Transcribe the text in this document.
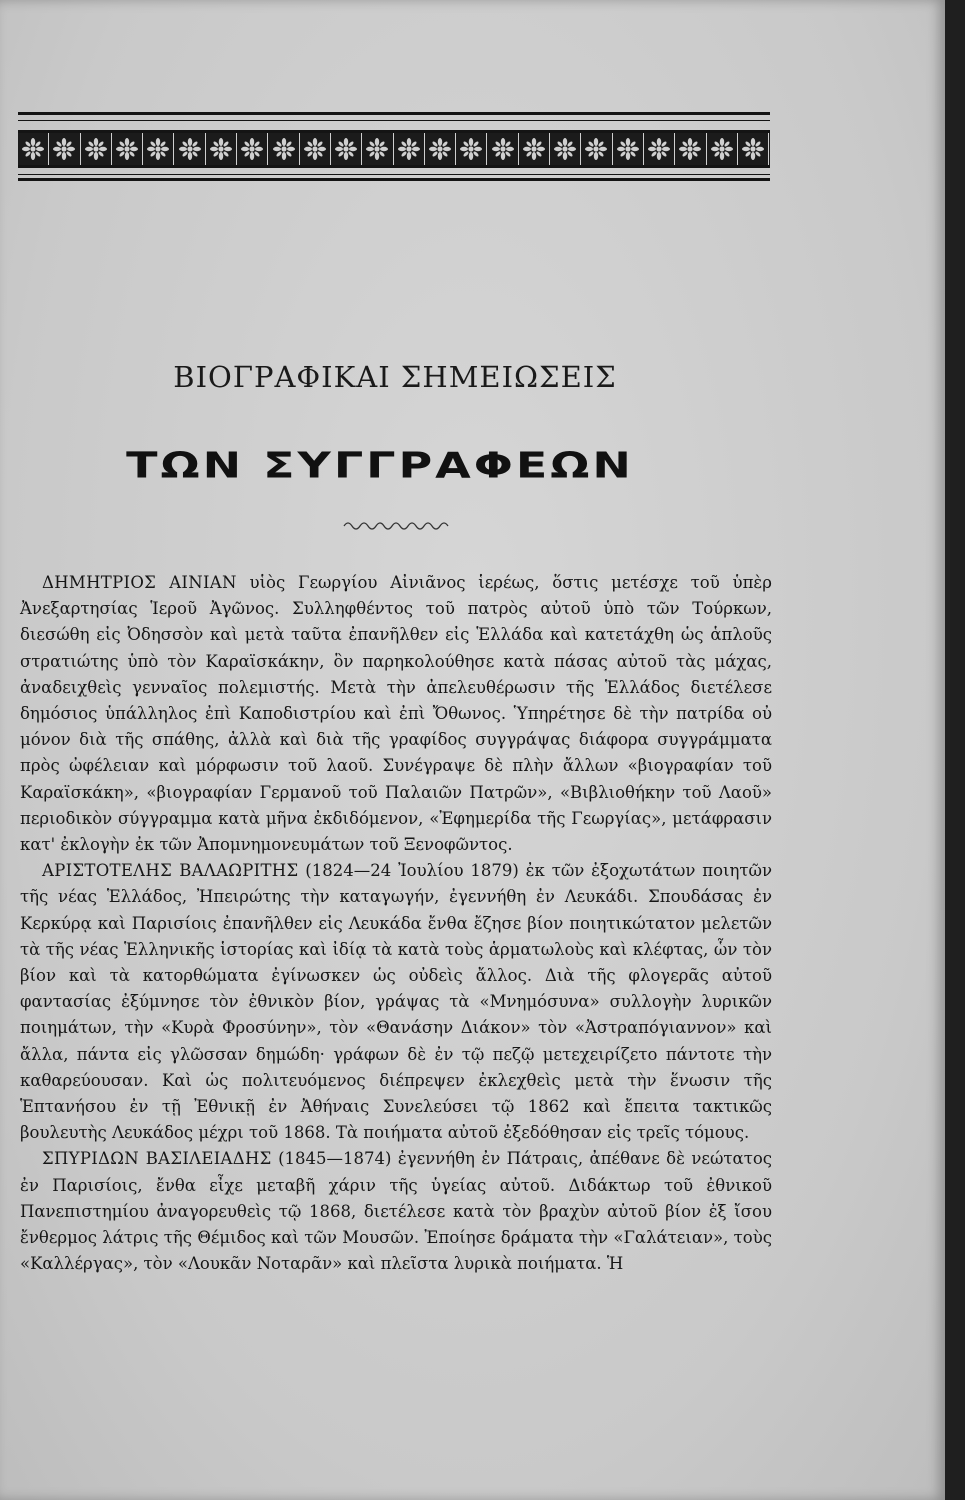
ΒΙΟΓΡΑΦΙΚΑΙ ΣΗΜΕΙΩΣΕΙΣ
ΤΩΝ ΣΥΓΓΡΑΦΕΩΝ

ΔΗΜΗΤΡΙΟΣ ΑΙΝΙΑΝ υἱὸς Γεωργίου Αἰνιᾶνος ἱερέως, ὅστις μετέσχε τοῦ ὑπὲρ Ἀνεξαρτησίας Ἱεροῦ Ἀγῶνος. Συλληφθέντος τοῦ πατρὸς αὐτοῦ ὑπὸ τῶν Τούρκων, διεσώθη εἰς Ὀδησσὸν καὶ μετὰ ταῦτα ἐπανῆλθεν εἰς Ἑλλάδα καὶ κατετάχθη ὡς ἁπλοῦς στρατιώτης ὑπὸ τὸν Καραϊσκάκην, ὃν παρηκολούθησε κατὰ πάσας αὐτοῦ τὰς μάχας, ἀναδειχθεὶς γενναῖος πολεμιστής. Μετὰ τὴν ἀπελευθέρωσιν τῆς Ἑλλάδος διετέλεσε δημόσιος ὑπάλληλος ἐπὶ Καποδιστρίου καὶ ἐπὶ Ὄθωνος. Ὑπηρέτησε δὲ τὴν πατρίδα οὐ μόνον διὰ τῆς σπάθης, ἀλλὰ καὶ διὰ τῆς γραφίδος συγγράψας διάφορα συγγράμματα πρὸς ὠφέλειαν καὶ μόρφωσιν τοῦ λαοῦ. Συνέγραψε δὲ πλὴν ἄλλων «βιογραφίαν τοῦ Καραϊσκάκη», «βιογραφίαν Γερμανοῦ τοῦ Παλαιῶν Πατρῶν», «Βιβλιοθήκην τοῦ Λαοῦ» περιοδικὸν σύγγραμμα κατὰ μῆνα ἐκδιδόμενον, «Ἐφημερίδα τῆς Γεωργίας», μετάφρασιν κατ' ἐκλογὴν ἐκ τῶν Ἀπομνημονευμάτων τοῦ Ξενοφῶντος.

ΑΡΙΣΤΟΤΕΛΗΣ ΒΑΛΑΩΡΙΤΗΣ (1824—24 Ἰουλίου 1879) ἐκ τῶν ἐξοχωτάτων ποιητῶν τῆς νέας Ἑλλάδος, Ἠπειρώτης τὴν καταγωγήν, ἐγεννήθη ἐν Λευκάδι. Σπουδάσας ἐν Κερκύρᾳ καὶ Παρισίοις ἐπανῆλθεν εἰς Λευκάδα ἔνθα ἔζησε βίον ποιητικώτατον μελετῶν τὰ τῆς νέας Ἑλληνικῆς ἱστορίας καὶ ἰδίᾳ τὰ κατὰ τοὺς ἁρματωλοὺς καὶ κλέφτας, ὧν τὸν βίον καὶ τὰ κατορθώματα ἐγίνωσκεν ὡς οὐδεὶς ἄλλος. Διὰ τῆς φλογερᾶς αὐτοῦ φαντασίας ἐξύμνησε τὸν ἐθνικὸν βίον, γράψας τὰ «Μνημόσυνα» συλλογὴν λυρικῶν ποιημάτων, τὴν «Κυρὰ Φροσύνην», τὸν «Θανάσην Διάκον» τὸν «Ἀστραπόγιαννον» καὶ ἄλλα, πάντα εἰς γλῶσσαν δημώδη· γράφων δὲ ἐν τῷ πεζῷ μετεχειρίζετο πάντοτε τὴν καθαρεύουσαν. Καὶ ὡς πολιτευόμενος διέπρεψεν ἐκλεχθεὶς μετὰ τὴν ἕνωσιν τῆς Ἑπτανήσου ἐν τῇ Ἐθνικῇ ἐν Ἀθήναις Συνελεύσει τῷ 1862 καὶ ἔπειτα τακτικῶς βουλευτὴς Λευκάδος μέχρι τοῦ 1868. Τὰ ποιήματα αὐτοῦ ἐξεδόθησαν εἰς τρεῖς τόμους.

ΣΠΥΡΙΔΩΝ ΒΑΣΙΛΕΙΑΔΗΣ (1845—1874) ἐγεννήθη ἐν Πάτραις, ἀπέθανε δὲ νεώτατος ἐν Παρισίοις, ἔνθα εἶχε μεταβῆ χάριν τῆς ὑγείας αὐτοῦ. Διδάκτωρ τοῦ ἐθνικοῦ Πανεπιστημίου ἀναγορευθεὶς τῷ 1868, διετέλεσε κατὰ τὸν βραχὺν αὐτοῦ βίον ἐξ ἴσου ἔνθερμος λάτρις τῆς Θέμιδος καὶ τῶν Μουσῶν. Ἐποίησε δράματα τὴν «Γαλάτειαν», τοὺς «Καλλέργας», τὸν «Λουκᾶν Νοταρᾶν» καὶ πλεῖστα λυρικὰ ποιήματα. Ἡ
